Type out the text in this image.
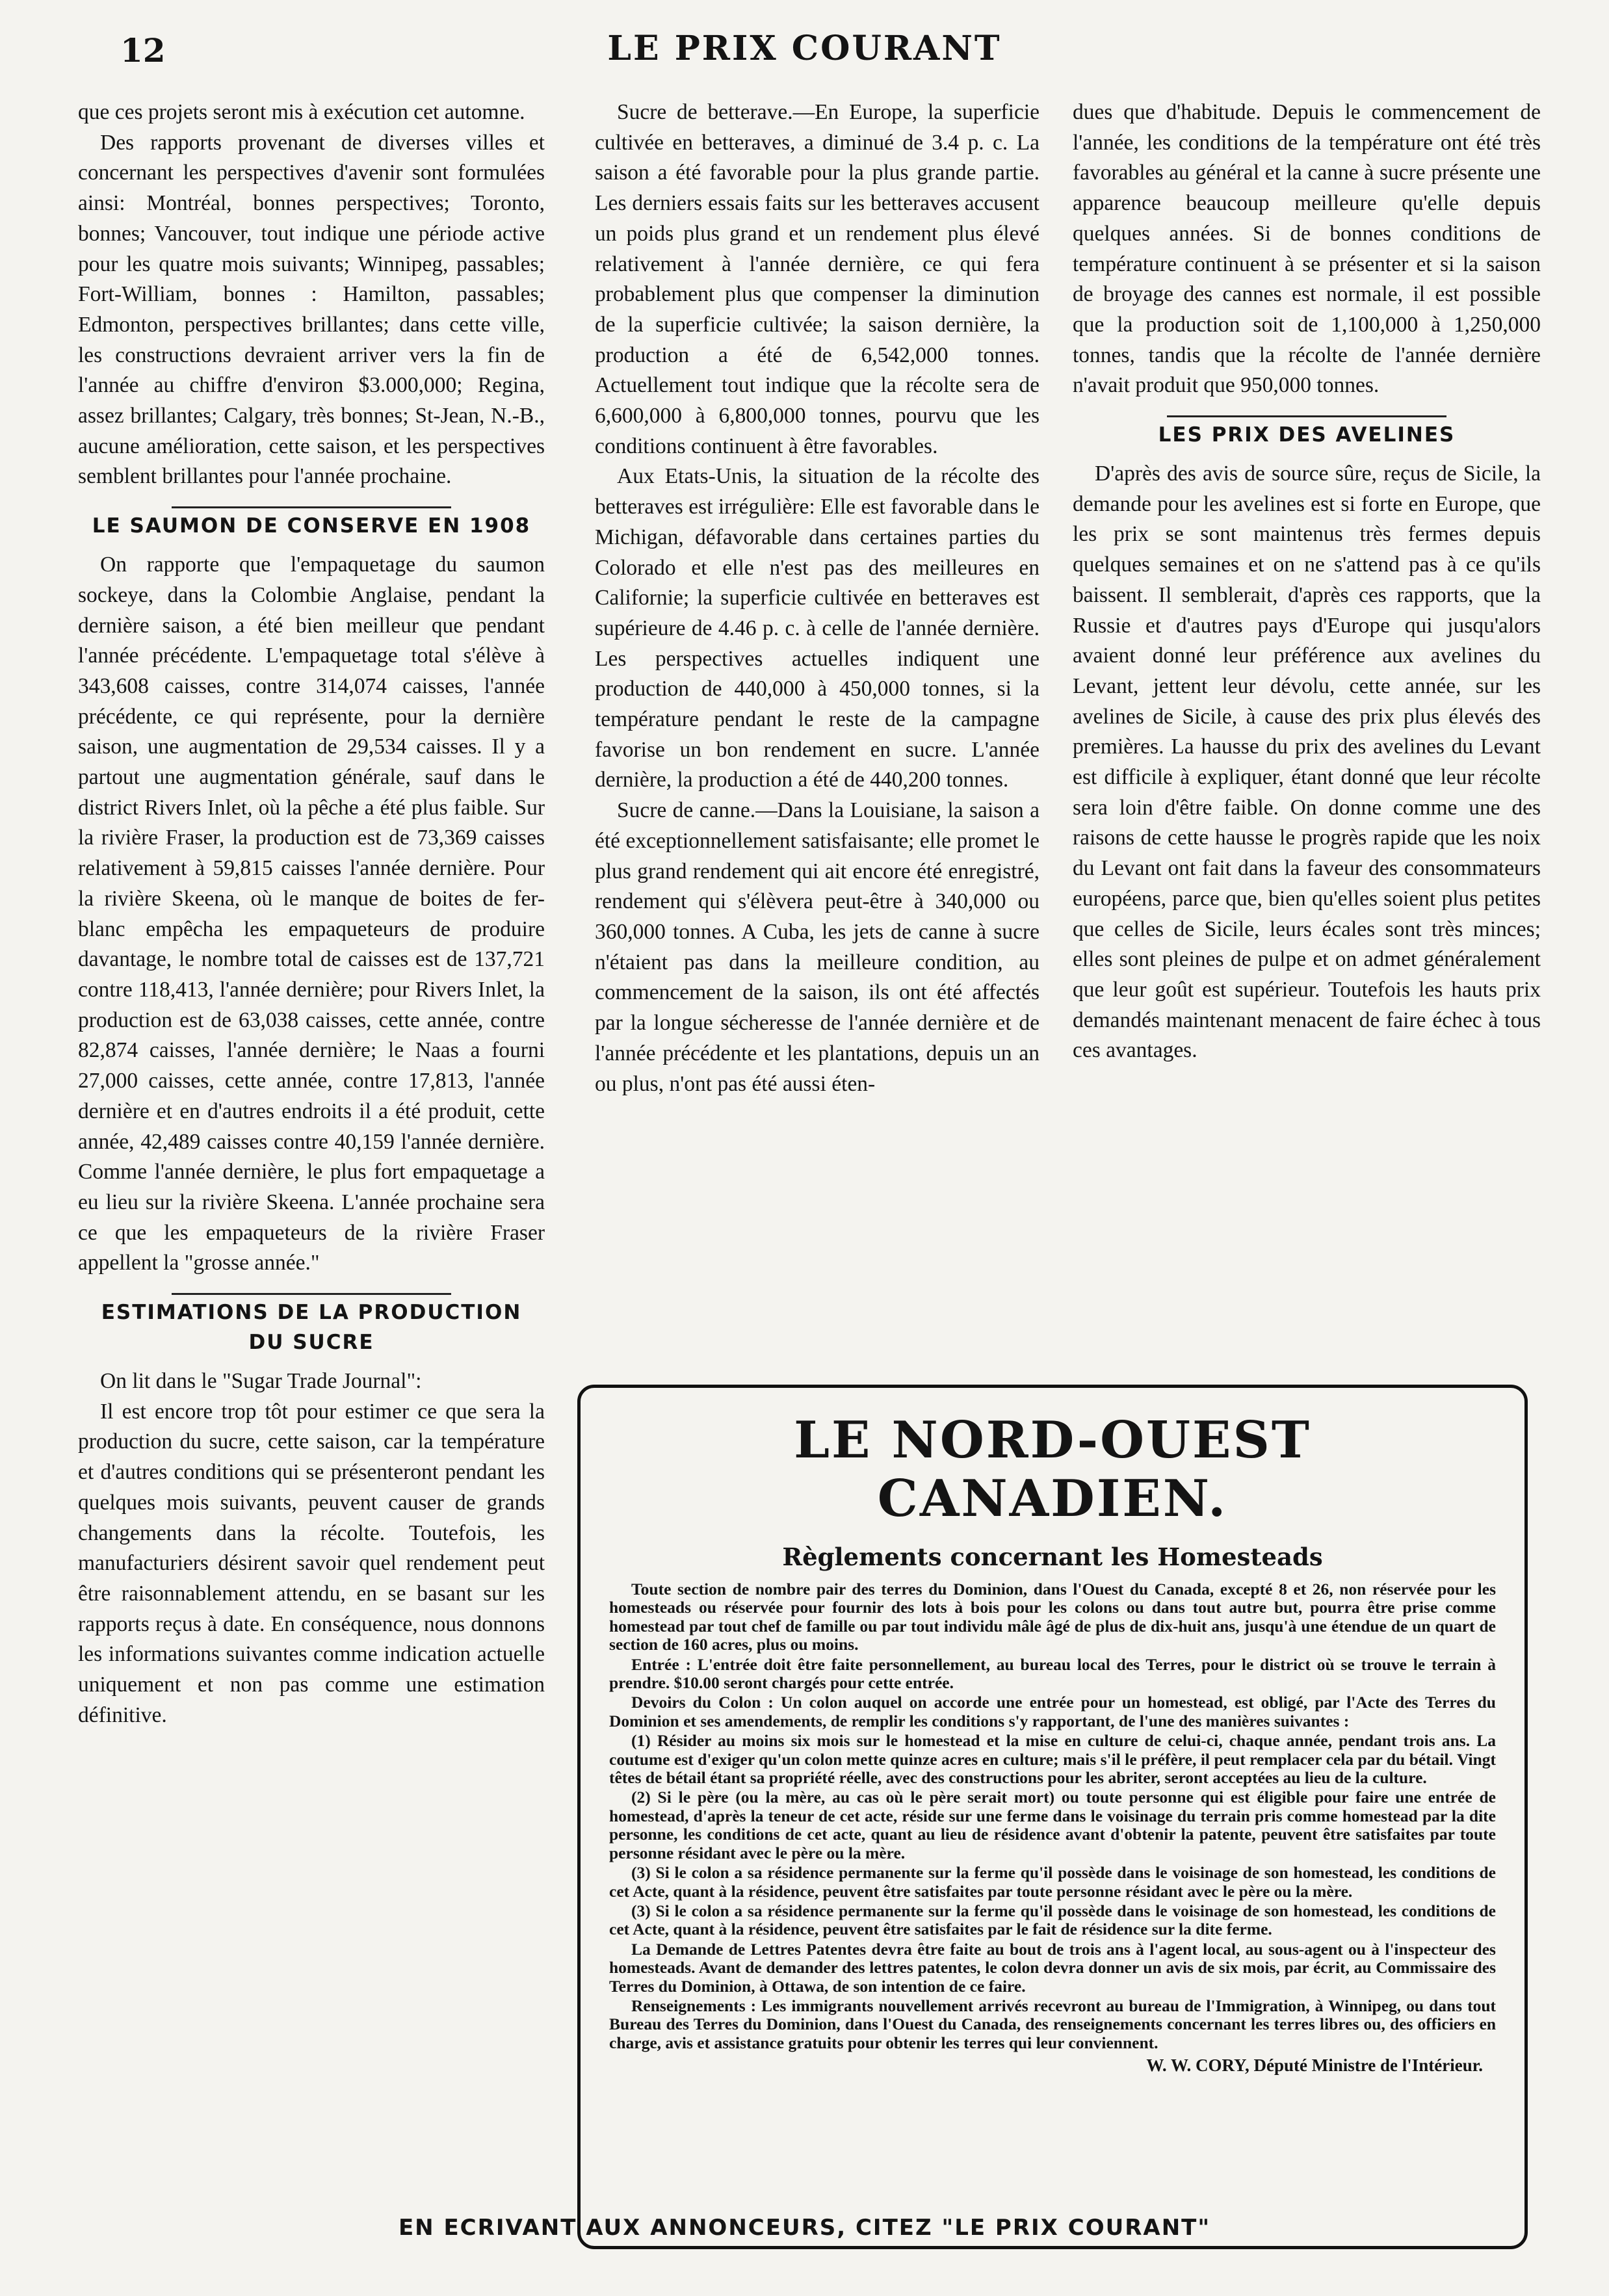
12	LE PRIX COURANT

que ces projets seront mis à exécution cet automne.

Des rapports provenant de diverses villes et concernant les perspectives d'avenir sont formulées ainsi: Montréal, bonnes perspectives; Toronto, bonnes; Vancouver, tout indique une période active pour les quatre mois suivants; Winnipeg, passables; Fort-William, bonnes : Hamilton, passables; Edmonton, perspectives brillantes; dans cette ville, les constructions devraient arriver vers la fin de l'année au chiffre d'environ $3.000,000; Regina, assez brillantes; Calgary, très bonnes; St-Jean, N.-B., aucune amélioration, cette saison, et les perspectives semblent brillantes pour l'année prochaine.

LE SAUMON DE CONSERVE EN 1908

On rapporte que l'empaquetage du saumon sockeye, dans la Colombie Anglaise, pendant la dernière saison, a été bien meilleur que pendant l'année précédente. L'empaquetage total s'élève à 343,608 caisses, contre 314,074 caisses, l'année précédente, ce qui représente, pour la dernière saison, une augmentation de 29,534 caisses. Il y a partout une augmentation générale, sauf dans le district Rivers Inlet, où la pêche a été plus faible. Sur la rivière Fraser, la production est de 73,369 caisses relativement à 59,815 caisses l'année dernière. Pour la rivière Skeena, où le manque de boites de fer-blanc empêcha les empaqueteurs de produire davantage, le nombre total de caisses est de 137,721 contre 118,413, l'année dernière; pour Rivers Inlet, la production est de 63,038 caisses, cette année, contre 82,874 caisses, l'année dernière; le Naas a fourni 27,000 caisses, cette année, contre 17,813, l'année dernière et en d'autres endroits il a été produit, cette année, 42,489 caisses contre 40,159 l'année dernière. Comme l'année dernière, le plus fort empaquetage a eu lieu sur la rivière Skeena. L'année prochaine sera ce que les empaqueteurs de la rivière Fraser appellent la "grosse année."

ESTIMATIONS DE LA PRODUCTION
DU SUCRE

On lit dans le "Sugar Trade Journal":

Il est encore trop tôt pour estimer ce que sera la production du sucre, cette saison, car la température et d'autres conditions qui se présenteront pendant les quelques mois suivants, peuvent causer de grands changements dans la récolte. Toutefois, les manufacturiers désirent savoir quel rendement peut être raisonnablement attendu, en se basant sur les rapports reçus à date. En conséquence, nous donnons les informations suivantes comme indication actuelle uniquement et non pas comme une estimation définitive.

Sucre de betterave.—En Europe, la superficie cultivée en betteraves, a diminué de 3.4 p. c. La saison a été favorable pour la plus grande partie. Les derniers essais faits sur les betteraves accusent un poids plus grand et un rendement plus élevé relativement à l'année dernière, ce qui fera probablement plus que compenser la diminution de la superficie cultivée; la saison dernière, la production a été de 6,542,000 tonnes. Actuellement tout indique que la récolte sera de 6,600,000 à 6,800,000 tonnes, pourvu que les conditions continuent à être favorables.

Aux Etats-Unis, la situation de la récolte des betteraves est irrégulière: Elle est favorable dans le Michigan, défavorable dans certaines parties du Colorado et elle n'est pas des meilleures en Californie; la superficie cultivée en betteraves est supérieure de 4.46 p. c. à celle de l'année dernière. Les perspectives actuelles indiquent une production de 440,000 à 450,000 tonnes, si la température pendant le reste de la campagne favorise un bon rendement en sucre. L'année dernière, la production a été de 440,200 tonnes.

Sucre de canne.—Dans la Louisiane, la saison a été exceptionnellement satisfaisante; elle promet le plus grand rendement qui ait encore été enregistré, rendement qui s'élèvera peut-être à 340,000 ou 360,000 tonnes. A Cuba, les jets de canne à sucre n'étaient pas dans la meilleure condition, au commencement de la saison, ils ont été affectés par la longue sécheresse de l'année dernière et de l'année précédente et les plantations, depuis un an ou plus, n'ont pas été aussi éten-

dues que d'habitude. Depuis le commencement de l'année, les conditions de la température ont été très favorables au général et la canne à sucre présente une apparence beaucoup meilleure qu'elle depuis quelques années. Si de bonnes conditions de température continuent à se présenter et si la saison de broyage des cannes est normale, il est possible que la production soit de 1,100,000 à 1,250,000 tonnes, tandis que la récolte de l'année dernière n'avait produit que 950,000 tonnes.

LES PRIX DES AVELINES

D'après des avis de source sûre, reçus de Sicile, la demande pour les avelines est si forte en Europe, que les prix se sont maintenus très fermes depuis quelques semaines et on ne s'attend pas à ce qu'ils baissent. Il semblerait, d'après ces rapports, que la Russie et d'autres pays d'Europe qui jusqu'alors avaient donné leur préférence aux avelines du Levant, jettent leur dévolu, cette année, sur les avelines de Sicile, à cause des prix plus élevés des premières. La hausse du prix des avelines du Levant est difficile à expliquer, étant donné que leur récolte sera loin d'être faible. On donne comme une des raisons de cette hausse le progrès rapide que les noix du Levant ont fait dans la faveur des consommateurs européens, parce que, bien qu'elles soient plus petites que celles de Sicile, leurs écales sont très minces; elles sont pleines de pulpe et on admet généralement que leur goût est supérieur. Toutefois les hauts prix demandés maintenant menacent de faire échec à tous ces avantages.

LE NORD-OUEST CANADIEN.
Règlements concernant les Homesteads

Toute section de nombre pair des terres du Dominion, dans l'Ouest du Canada, excepté 8 et 26, non réservée pour les homesteads ou réservée pour fournir des lots à bois pour les colons ou dans tout autre but, pourra être prise comme homestead par tout chef de famille ou par tout individu mâle âgé de plus de dix-huit ans, jusqu'à une étendue de un quart de section de 160 acres, plus ou moins.

Entrée : L'entrée doit être faite personnellement, au bureau local des Terres, pour le district où se trouve le terrain à prendre. $10.00 seront chargés pour cette entrée.

Devoirs du Colon : Un colon auquel on accorde une entrée pour un homestead, est obligé, par l'Acte des Terres du Dominion et ses amendements, de remplir les conditions s'y rapportant, de l'une des manières suivantes :

(1) Résider au moins six mois sur le homestead et la mise en culture de celui-ci, chaque année, pendant trois ans. La coutume est d'exiger qu'un colon mette quinze acres en culture; mais s'il le préfère, il peut remplacer cela par du bétail. Vingt têtes de bétail étant sa propriété réelle, avec des constructions pour les abriter, seront acceptées au lieu de la culture.

(2) Si le père (ou la mère, au cas où le père serait mort) ou toute personne qui est éligible pour faire une entrée de homestead, d'après la teneur de cet acte, réside sur une ferme dans le voisinage du terrain pris comme homestead par la dite personne, les conditions de cet acte, quant au lieu de résidence avant d'obtenir la patente, peuvent être satisfaites par toute personne résidant avec le père ou la mère.

(3) Si le colon a sa résidence permanente sur la ferme qu'il possède dans le voisinage de son homestead, les conditions de cet Acte, quant à la résidence, peuvent être satisfaites par toute personne résidant avec le père ou la mère.

(3) Si le colon a sa résidence permanente sur la ferme qu'il possède dans le voisinage de son homestead, les conditions de cet Acte, quant à la résidence, peuvent être satisfaites par le fait de résidence sur la dite ferme.

La Demande de Lettres Patentes devra être faite au bout de trois ans à l'agent local, au sous-agent ou à l'inspecteur des homesteads. Avant de demander des lettres patentes, le colon devra donner un avis de six mois, par écrit, au Commissaire des Terres du Dominion, à Ottawa, de son intention de ce faire.

Renseignements : Les immigrants nouvellement arrivés recevront au bureau de l'Immigration, à Winnipeg, ou dans tout Bureau des Terres du Dominion, dans l'Ouest du Canada, des renseignements concernant les terres libres ou, des officiers en charge, avis et assistance gratuits pour obtenir les terres qui leur conviennent.

W. W. CORY, Député Ministre de l'Intérieur.
EN ECRIVANT AUX ANNONCEURS, CITEZ "LE PRIX COURANT"
